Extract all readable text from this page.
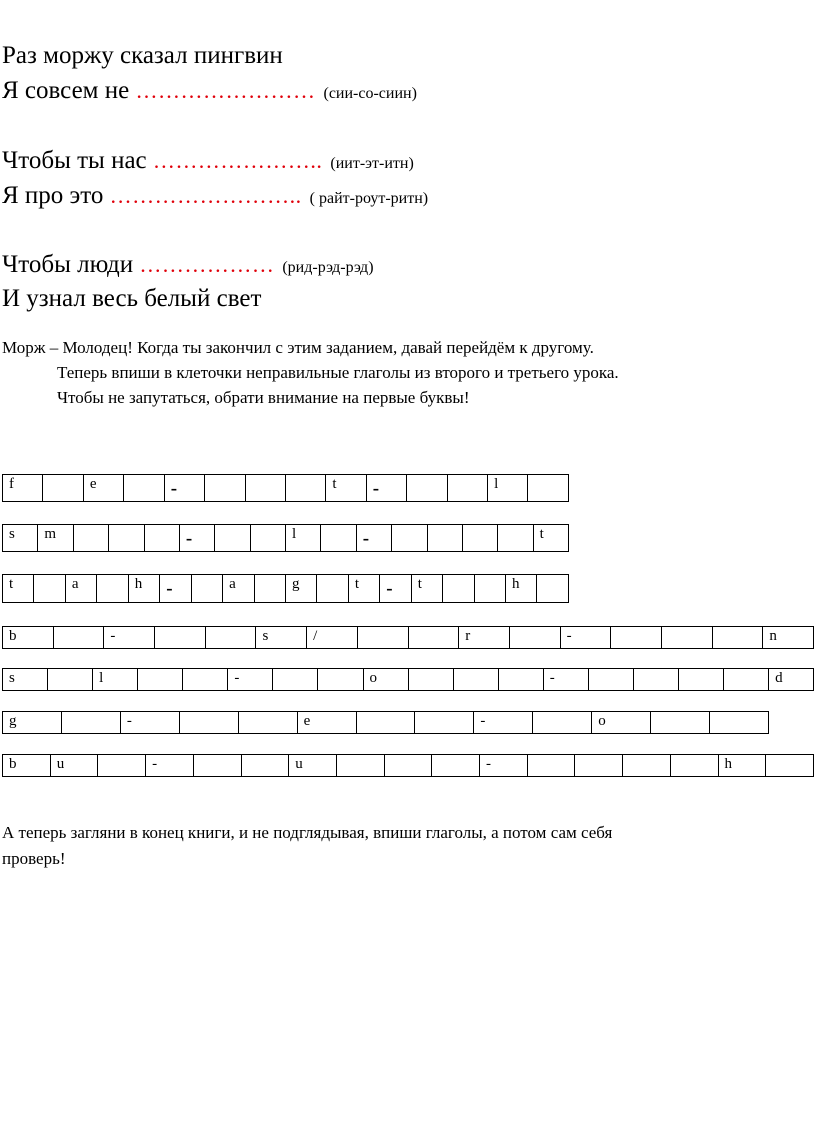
Раз моржу сказал пингвин
Я совсем не …………………… (сии-со-сиин)
Чтобы ты нас ………………….. (иит-эт-итн)
Я про это …………………….. ( райт-роут-ритн)
Чтобы люди ……………… (рид-рэд-рэд)
И узнал весь белый свет
Морж – Молодец! Когда ты закончил с этим заданием, давай перейдём к другому.
Теперь впиши в клеточки неправильные глаголы из второго и третьего урока.
Чтобы не запутаться, обрати внимание на первые буквы!
f	e	-	t	-	l
s	m	-	l	-	t
t	a	h	-	a	g	t	-	t	h
b	-	s	/	r	-	n
s	l	-	o	-	d
g	-	e	-	o
b	u	-	u	-	h
А теперь загляни в конец книги, и не подглядывая, впиши глаголы, а потом сам себя
проверь!
